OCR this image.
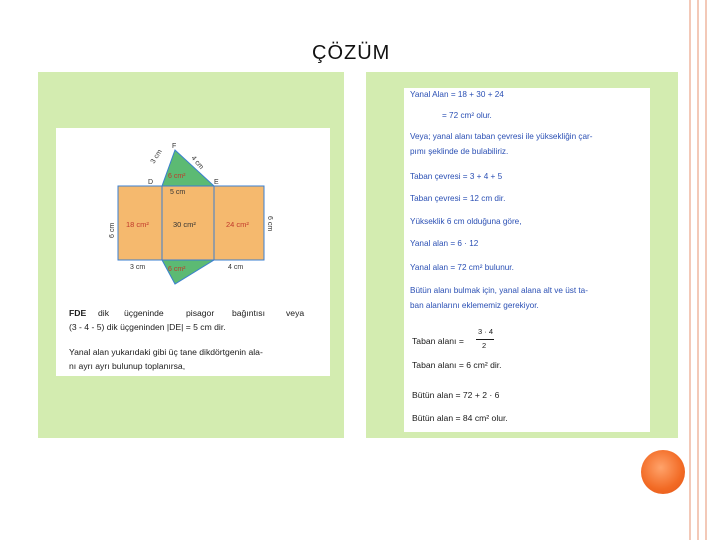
ÇÖZÜM
3 cm	4 cm
F
D	E
6 cm²
5 cm
18 cm²	30 cm²	24 cm²
6 cm	6 cm
3 cm	4 cm
6 cm²
FDE dik üçgeninde	pisagor bağıntısı veya
(3 - 4 - 5) dik üçgeninden |DE| = 5 cm dir.
Yanal alan yukarıdaki gibi üç tane dikdörtgenin ala-
nı ayrı ayrı bulunup toplanırsa,
Yanal Alan = 18 + 30 + 24
= 72 cm² olur.
Veya; yanal alanı taban çevresi ile yüksekliğin çar-
pımı şeklinde de bulabiliriz.
Taban çevresi = 3 + 4 + 5
Taban çevresi = 12 cm dir.
Yükseklik 6 cm olduğuna göre,
Yanal alan = 6 · 12
Yanal alan = 72 cm² bulunur.
Bütün alanı bulmak için, yanal alana alt ve üst ta-
ban alanlarını eklememiz gerekiyor.
Taban alanı =
3 · 4
2
Taban alanı = 6 cm² dir.
Bütün alan = 72 + 2 · 6
Bütün alan = 84 cm² olur.
